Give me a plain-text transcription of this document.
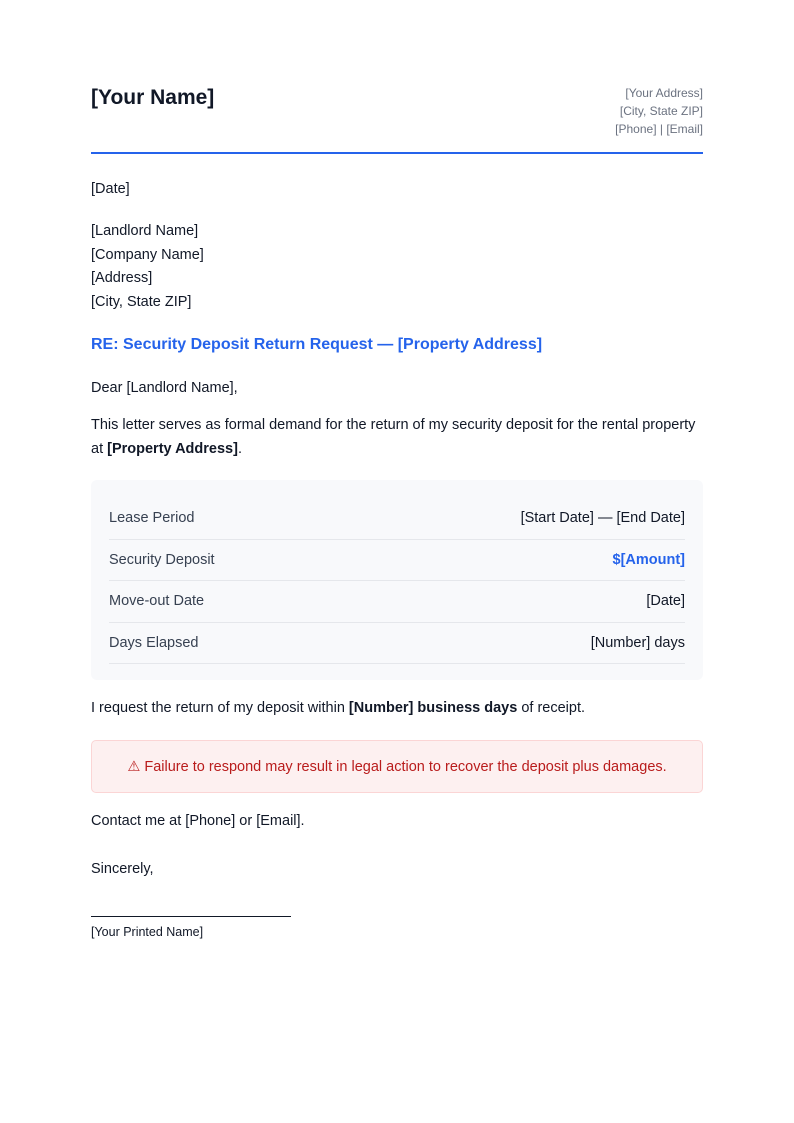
[Your Name]	[Your Address]
[City, State ZIP]
[Phone] | [Email]

[Date]

[Landlord Name]
[Company Name]
[Address]
[City, State ZIP]
RE: Security Deposit Return Request — [Property Address]

Dear [Landlord Name],

This letter serves as formal demand for the return of my security deposit for the rental property at [Property Address].

Lease Period	[Start Date] — [End Date]
Security Deposit	$[Amount]
Move-out Date	[Date]
Days Elapsed	[Number] days

I request the return of my deposit within [Number] business days of receipt.

⚠ Failure to respond may result in legal action to recover the deposit plus damages.

Contact me at [Phone] or [Email].

Sincerely,

[Your Printed Name]
